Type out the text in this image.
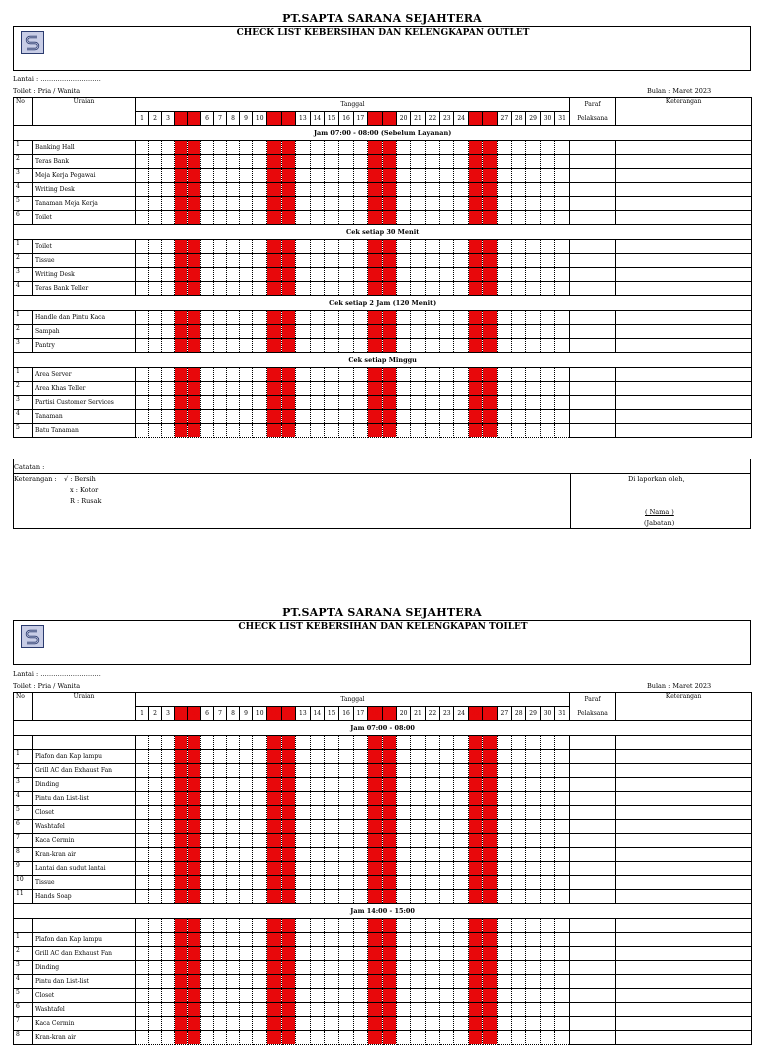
PT.SAPTA SARANA SEJAHTERA
CHECK LIST KEBERSIHAN DAN KELENGKAPAN OUTLET
Lantai : ……………………….
Toilet : Pria / Wanita	Bulan : Maret 2023
No	Uraian	Tanggal																															Paraf	Keterangan
		1	2	3	4	5	6	7	8	9	10	11	12	13	14	15	16	17	18	19	20	21	22	23	24	25	26	27	28	29	30	31	Pelaksana	
Jam 07:00 - 08:00 (Sebelum Layanan)																																		
1	Banking Hall																																	
2	Teras Bank																																	
3	Meja Kerja Pegawai																																	
4	Writing Desk																																	
5	Tanaman Meja Kerja																																	
6	Toilet																																	
Cek setiap 30 Menit																																		
1	Toilet																																	
2	Tissue																																	
3	Writing Desk																																	
4	Teras Bank Teller																																	
Cek setiap 2 Jam (120 Menit)																																		
1	Handle dan Pintu Kaca																																	
2	Sampah																																	
3	Pantry																																	
Cek setiap Minggu																																		
1	Area Server																																	
2	Area Khas Teller																																	
3	Partisi Customer Services																																	
4	Tanaman																																	
5	Batu Tanaman																																	
Catatan :
Keterangan : √ : Bersih
x : Kotor
R : Rusak
Di laporkan oleh,
( Nama )
(Jabatan)
PT.SAPTA SARANA SEJAHTERA
CHECK LIST KEBERSIHAN DAN KELENGKAPAN TOILET
Lantai : ……………………….
Toilet : Pria / Wanita	Bulan : Maret 2023
No	Uraian	Tanggal																															Paraf	Keterangan
		1	2	3	4	5	6	7	8	9	10	11	12	13	14	15	16	17	18	19	20	21	22	23	24	25	26	27	28	29	30	31	Pelaksana	
Jam 07:00 - 08:00																																		

1	Plafon dan Kap lampu																																	
2	Grill AC dan Exhaust Fan																																	
3	Dinding																																	
4	Pintu dan List-list																																	
5	Closet																																	
6	Washtafel																																	
7	Kaca Cermin																																	
8	Kran-kran air																																	
9	Lantai dan sudut lantai																																	
10	Tissue																																	
11	Hands Soap																																	
Jam 14:00 - 15:00																																		

1	Plafon dan Kap lampu																																	
2	Grill AC dan Exhaust Fan																																	
3	Dinding																																	
4	Pintu dan List-list																																	
5	Closet																																	
6	Washtafel																																	
7	Kaca Cermin																																	
8	Kran-kran air																																	
